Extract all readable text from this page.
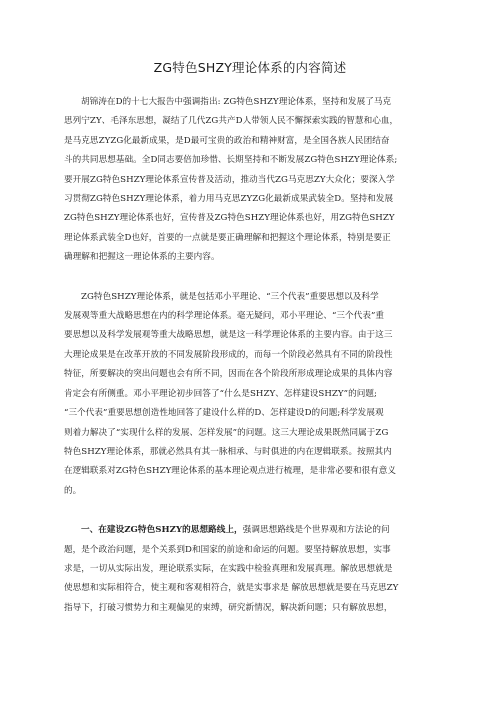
ZG特色SHZY理论体系的内容简述
胡锦涛在D的十七大报告中强调指出: ZG特色SHZY理论体系，坚持和发展了马克
思列宁ZY、毛泽东思想，凝结了几代ZG共产D人带领人民不懈探索实践的智慧和心血，
是马克思ZYZG化最新成果，是D最可宝贵的政治和精神财富，是全国各族人民团结奋
斗的共同思想基础。全D同志要倍加珍惜、长期坚持和不断发展ZG特色SHZY理论体系;
要开展ZG特色SHZY理论体系宣传普及活动，推动当代ZG马克思ZY大众化；要深入学
习贯彻ZG特色SHZY理论体系，着力用马克思ZYZG化最新成果武装全D。坚持和发展
ZG特色SHZY理论体系也好，宣传普及ZG特色SHZY理论体系也好，用ZG特色SHZY
理论体系武装全D也好，首要的一点就是要正确理解和把握这个理论体系，特别是要正
确理解和把握这一理论体系的主要内容。
ZG特色SHZY理论体系，就是包括邓小平理论、“三个代表”重要思想以及科学
发展观等重大战略思想在内的科学理论体系。毫无疑问，邓小平理论、“三个代表”重
要思想以及科学发展观等重大战略思想，就是这一科学理论体系的主要内容。由于这三
大理论成果是在改革开放的不同发展阶段形成的，而每一个阶段必然具有不同的阶段性
特征，所要解决的突出问题也会有所不同，因而在各个阶段所形成理论成果的具体内容
肯定会有所侧重。邓小平理论初步回答了“什么是SHZY、怎样建设SHZY”的问题;
“三个代表”重要思想创造性地回答了建设什么样的D、怎样建设D的问题;科学发展观
则着力解决了“实现什么样的发展、怎样发展”的问题。这三大理论成果既然同属于ZG
特色SHZY理论体系，那就必然具有其一脉相承、与时俱进的内在逻辑联系。按照其内
在逻辑联系对ZG特色SHZY理论体系的基本理论观点进行梳理，是非常必要和很有意义
的。
一、在建设ZG特色SHZY的思想路线上，强调思想路线是个世界观和方法论的问
题，是个政治问题，是个关系到D和国家的前途和命运的问题。要坚持解放思想，实事
求是，一切从实际出发，理论联系实际，在实践中检验真理和发展真理。解放思想就是
使思想和实际相符合，使主观和客观相符合，就是实事求是 解放思想就是要在马克思ZY
指导下，打破习惯势力和主观偏见的束缚，研究新情况，解决新问题；只有解放思想，
